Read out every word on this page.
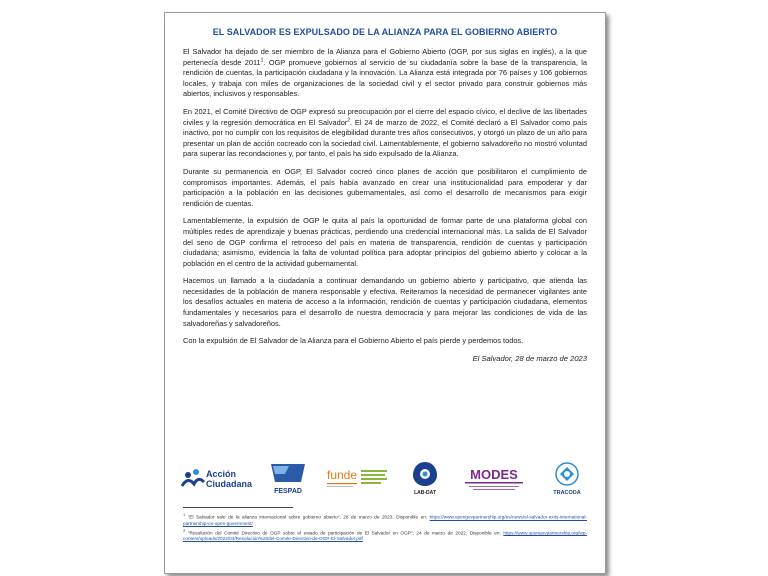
EL SALVADOR ES EXPULSADO DE LA ALIANZA PARA EL GOBIERNO ABIERTO

El Salvador ha dejado de ser miembro de la Alianza para el Gobierno Abierto (OGP, por sus siglas en inglés), a la que pertenecía desde 2011$^1$. OGP promueve gobiernos al servicio de su ciudadanía sobre la base de la transparencia, la rendición de cuentas, la participación ciudadana y la innovación. La Alianza está integrada por 76 países y 106 gobiernos locales, y trabaja con miles de organizaciones de la sociedad civil y el sector privado para construir gobiernos más abiertos, inclusivos y responsables.

En 2021, el Comité Directivo de OGP expresó su preocupación por el cierre del espacio cívico, el declive de las libertades civiles y la regresión democrática en El Salvador$^2$. El 24 de marzo de 2022, el Comité declaró a El Salvador como país inactivo, por no cumplir con los requisitos de elegibilidad durante tres años consecutivos, y otorgó un plazo de un año para presentar un plan de acción cocreado con la sociedad civil. Lamentablemente, el gobierno salvadoreño no mostró voluntad para superar las recondaciones y, por tanto, el país ha sido expulsado de la Alianza.

Durante su permanencia en OGP, El Salvador cocreó cinco planes de acción que posibilitaron el cumplimiento de compromisos importantes. Además, el país había avanzado en crear una institucionalidad para empoderar y dar participación a la población en las decisiones gubernamentales, así como el desarrollo de mecanismos para exigir rendición de cuentas.

Lamentablemente, la expulsión de OGP le quita al país la oportunidad de formar parte de una plataforma global con múltiples redes de aprendizaje y buenas prácticas, perdiendo una credencial internacional más. La salida de El Salvador del seno de OGP confirma el retroceso del país en materia de transparencia, rendición de cuentas y participación ciudadana; asimismo, evidencia la falta de voluntad política para adoptar principios del gobierno abierto y colocar a la población en el centro de la actividad gubernamental.

Hacemos un llamado a la ciudadanía a continuar demandando un gobierno abierto y participativo, que atienda las necesidades de la población de manera responsable y efectiva. Reiteramos la necesidad de permanecer vigilantes ante los desafíos actuales en materia de acceso a la información, rendición de cuentas y participación ciudadana, elementos fundamentales y necesarios para el desarrollo de nuestra democracia y para mejorar las condiciones de vida de las salvadoreñas y salvadoreños.

Con la expulsión de El Salvador de la Alianza para el Gobierno Abierto el país pierde y perdemos todos.

El Salvador, 28 de marzo de 2023
Acción
Ciudadana
FESPAD
funde
LAB-DAT
MODES
TRACODA
$^1$ "El Salvador sale de la alianza internacional sobre gobierno abierto". 28 de marzo de 2023. Disponible en: https://www.opengovpartnership.org/es/news/el-salvador-exits-international-partnership-on-open-government/
$^2$ "Resolución del Comité Directivo de OGP sobre el estado de participación de El Salvador en OGP". 24 de marzo de 2022. Disponible en: https://www.opengovpartnership.org/wp-content/uploads/2022/03/Resolución%20del-Comite-Directivo-de-OGP-El-Salvador.pdf
